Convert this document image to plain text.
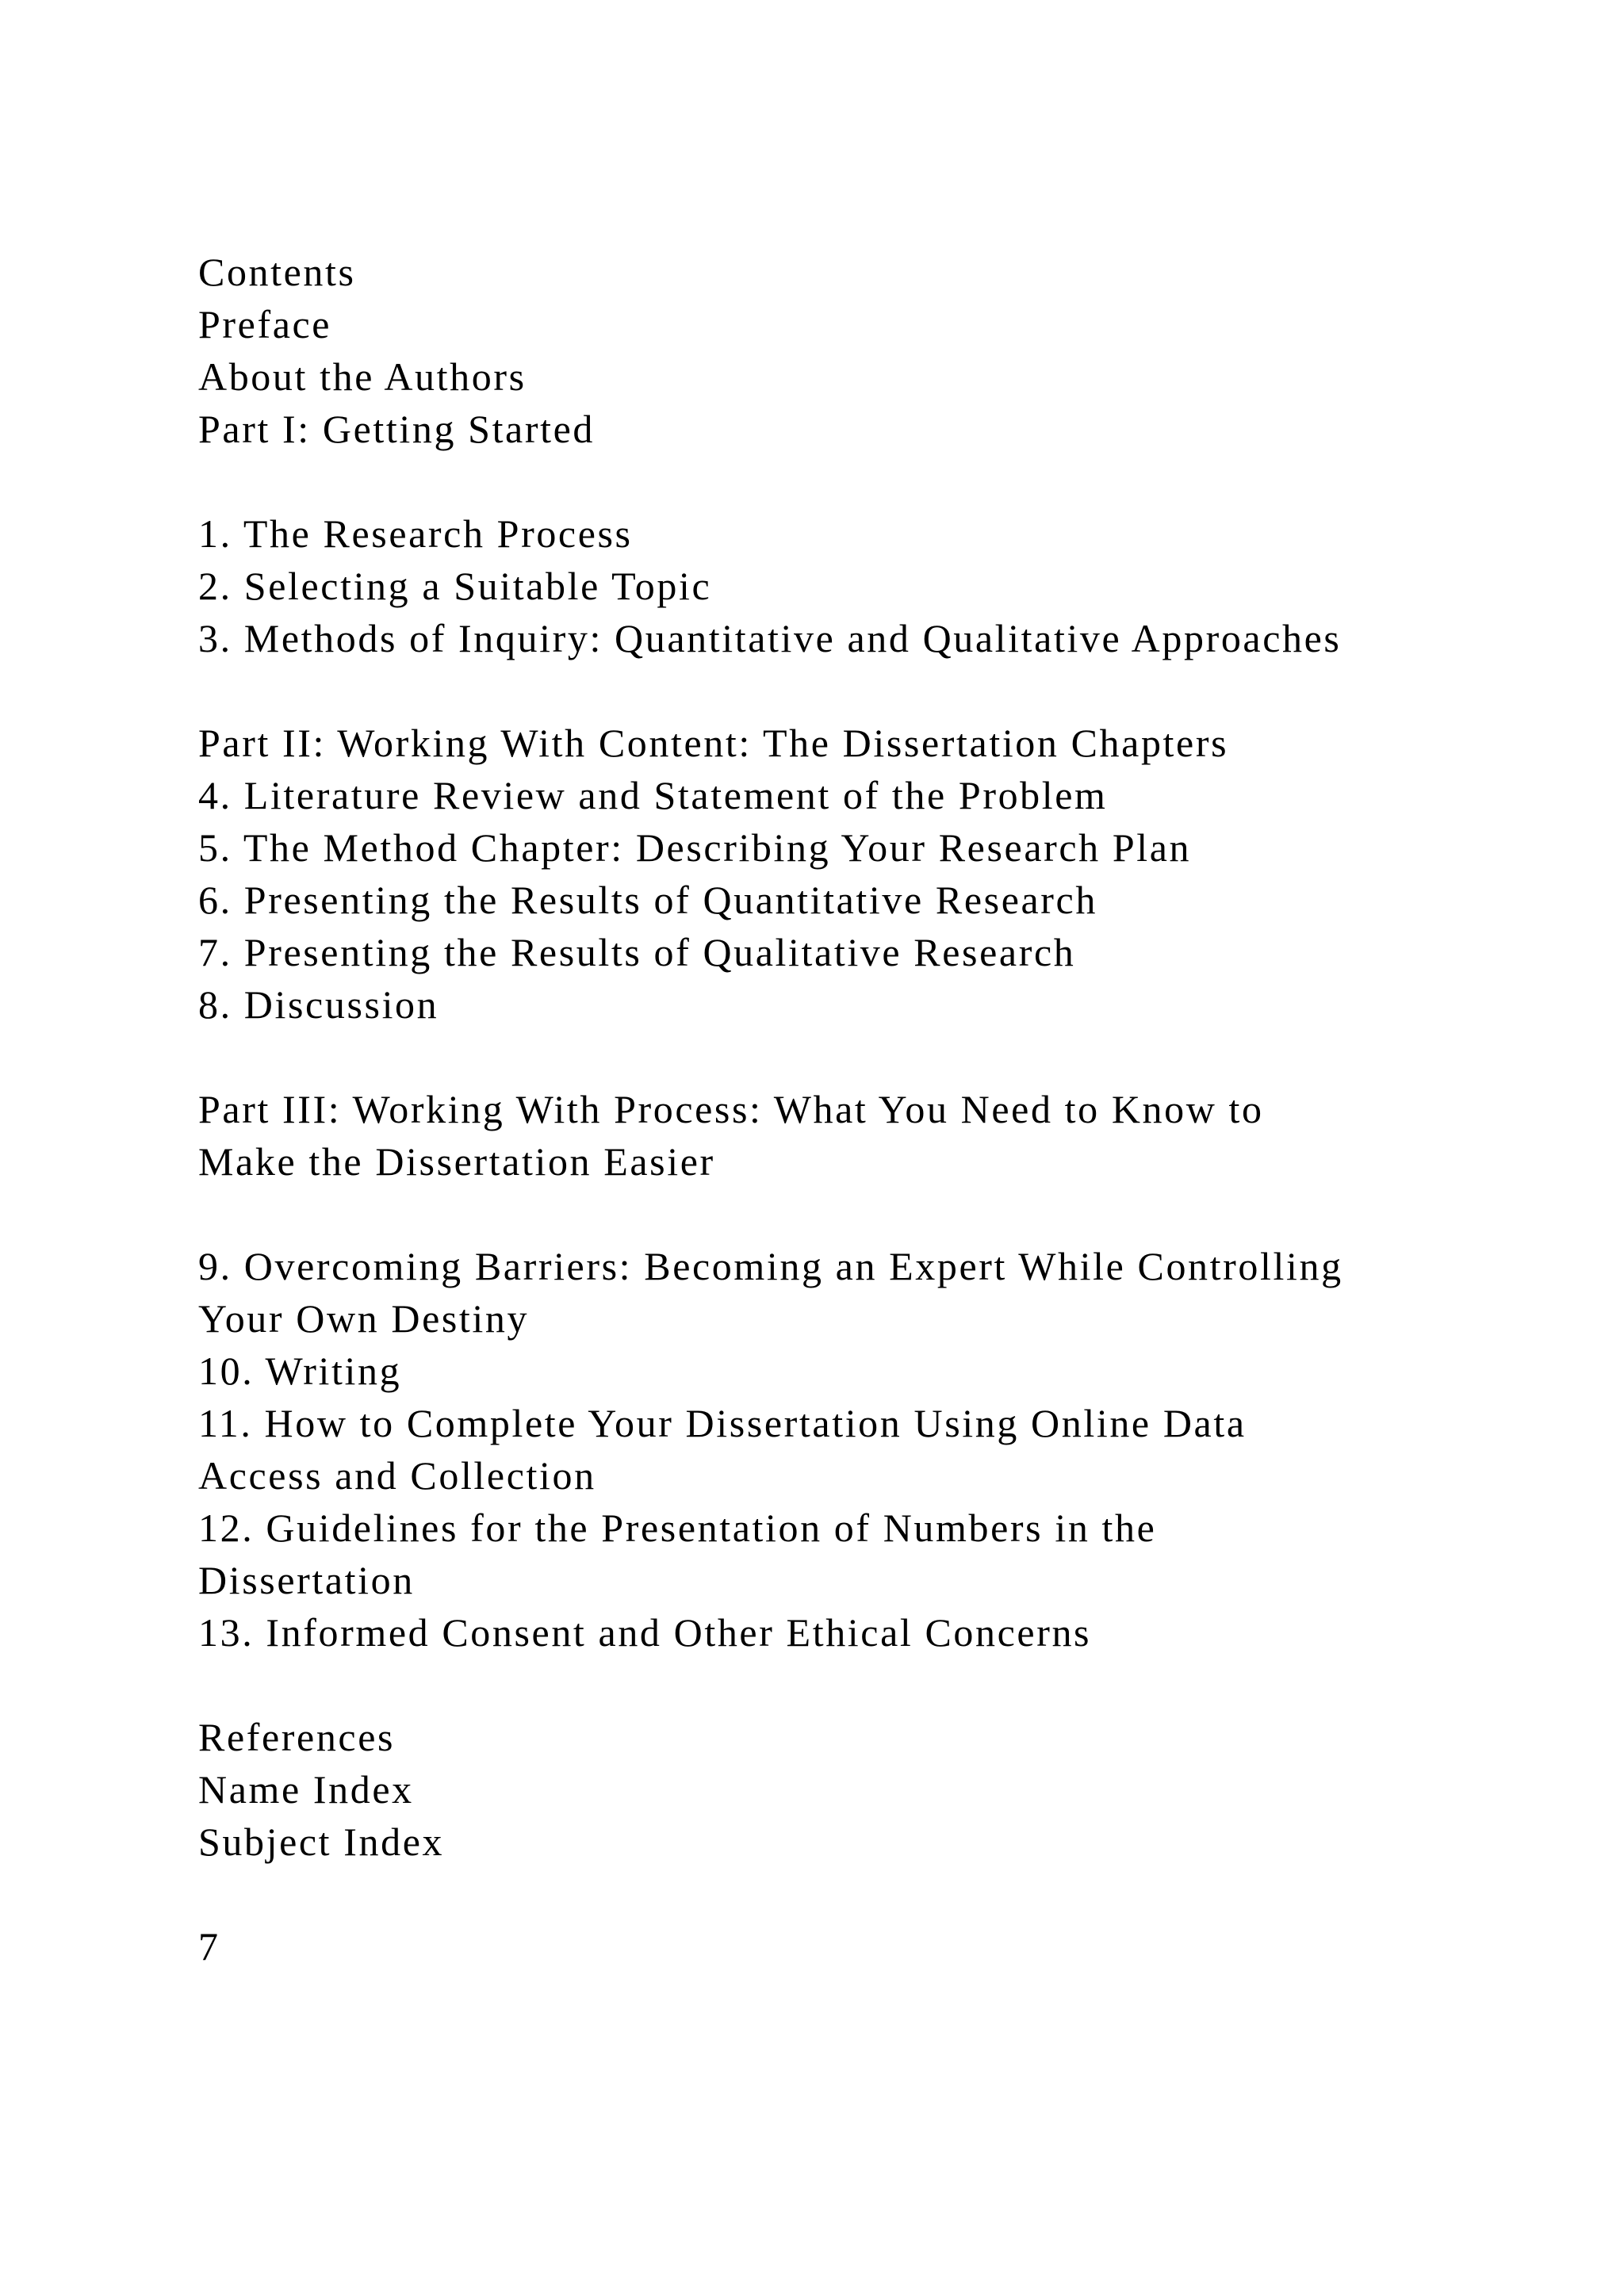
Contents
Preface
About the Authors
Part I: Getting Started
1. The Research Process
2. Selecting a Suitable Topic
3. Methods of Inquiry: Quantitative and Qualitative Approaches
Part II: Working With Content: The Dissertation Chapters
4. Literature Review and Statement of the Problem
5. The Method Chapter: Describing Your Research Plan
6. Presenting the Results of Quantitative Research
7. Presenting the Results of Qualitative Research
8. Discussion
Part III: Working With Process: What You Need to Know to
Make the Dissertation Easier
9. Overcoming Barriers: Becoming an Expert While Controlling
Your Own Destiny
10. Writing
11. How to Complete Your Dissertation Using Online Data
Access and Collection
12. Guidelines for the Presentation of Numbers in the
Dissertation
13. Informed Consent and Other Ethical Concerns
References
Name Index
Subject Index
7
